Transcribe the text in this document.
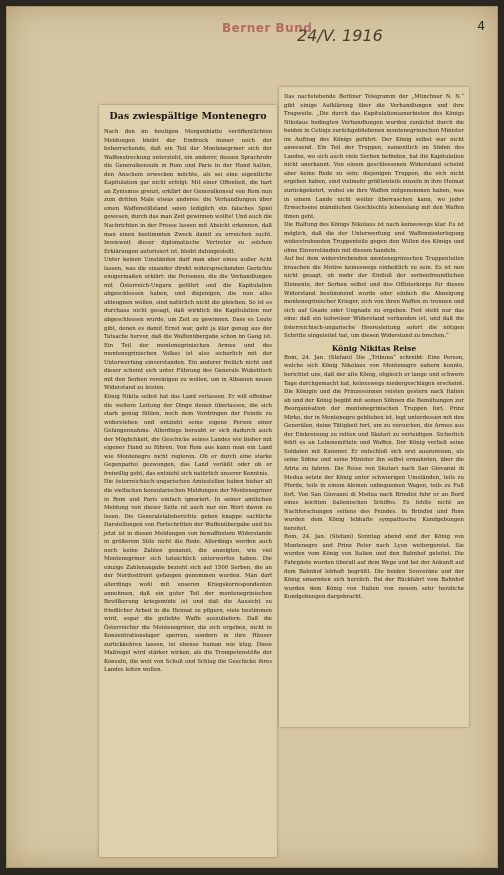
Berner Bund
24/V. 1916	4
Das zwiespältige Montenegro

Nach den im heutigen Morgenblatte veröffentlichten Meldungen bleibt der Eindruck immer noch der beherrschende, daß ein Teil der Montenegriner sich der Waffenstreckung unterzieht, ein anderer, dessen Sprachrohr die Generalkonsuln in Rom und Paris in der Hand halten, den Anschein erwecken möchte, als sei eine eigentliche Kapitulation gar nicht erfolgt. Mit einer Offenheit, die hart an Zynismus grenzt, erklärt der Generalkonsul von Rom nun zum dritten Male etwas anderes: die Verhandlungen über einen Waffenstillstand seien lediglich ein falsches Spiel gewesen, durch das man Zeit gewinnen wollte! Und auch die Nachrichten in der Presse lassen mit Absicht erkennen, daß man einen bestimmten Zweck damit zu erreichen sucht. Inwieweit dieser diplomatische Vertreter zu solchen Erklärungen autorisiert ist, bleibt dahingestellt.

Unter keinen Umständen darf man aber eines außer Acht lassen, was die einander direkt widersprechenden Gerüchte einigermaßen erklärt: die Personen, die die Verhandlungen mit Österreich-Ungarn geführt und die Kapitulation abgeschlossen haben, und diejenigen, die nun alles ableugnen wollen, sind natürlich nicht die gleichen. So ist es durchaus nicht gesagt, daß wirklich die Kapitulation nur abgeschlossen wurde, um Zeit zu gewinnen. Dass es Leute gibt, denen es damit Ernst war, geht ja klar genug aus der Tatsache hervor, daß die Waffenübergabe schon im Gang ist. Ein Teil der montenegrinischen Armee und des montenegrinischen Volkes ist also sicherlich mit der Unterwerfung einverstanden. Ein anderer freilich nicht und dieser scheint sich unter Führung des Generals Wukotitsch mit den Serben vereinigen zu wollen, um in Albanien neuen Widerstand zu leisten.

König Nikita selbst hat das Land verlassen. Er will offenbar die weitere Leitung der Dinge denen überlassen, die sich stark genug fühlen, noch dem Vordringen der Feinde zu widerstehen und entzieht seine eigene Person einer Gefangennahme. Allerdings beraubt er sich dadurch auch der Möglichkeit, die Geschicke seines Landes wie bisher mit eigener Hand zu führen. Von Rom aus kann man ein Land wie Montenegro nicht regieren. Ob er durch eine starke Gegenpartei gezwungen, das Land verläßt oder ob er freiwillig geht, das entzieht sich natürlich unserer Kenntnis.

Die österreichisch-ungarischen Amtsstellen haben bisher all die vielfachen konsularischen Meldungen der Montenegriner in Rom und Paris einfach ignoriert. In seiner amtlichen Meldung von dieser Seite ist auch nur ein Wort davon zu lesen. Die Generalstabsberichte geben knappe sachliche Darstellungen von Fortschritten der Waffenübergabe und bis jetzt ist in diesen Meldungen von bewaffnetem Widerstande in größerem Stile nicht die Rede. Allerdings werden auch noch keine Zahlen genannt, die anzeigten, wie viel Montenegriner sich tatsächlich unterworfen haben. Die einzige Zahlenangabe bezieht sich auf 1500 Serben, die an der Nordostfront gefangen genommen wurden. Man darf allerdings wohl mit unseren Kriegskorrespondenten annehmen, daß ein guter Teil der montenegrinischen Bevölkerung kriegsmüde ist und daß die Aussicht zu friedlicher Arbeit in die Heimat zu pilgern, viele bestimmen wird, sogar die geliebte Waffe auszuliefern. Daß die Österreicher die Montenegriner, die sich ergeben, nicht in Konzentrationslager sperren, sondern in ihre Häuser zurückkehren lassen, ist ebenso human wie klug. Diese Maßregel wird stärker wirken, als die Trompetenstöße der Konsuln, die weit von Schuß und Schlag die Geschicke ihres Landes leiten wollen.

Das nachstehende Berliner Telegramm der „Münchner N. N.“ gibt einige Aufklärung über die Verhandlungen und ihre Tragweite. „Die durch das Kapitulationsanerbieten des Königs Nikolaus bedingten Verhandlungen wurden zunächst durch die beiden in Cetinje zurückgebliebenen montenegrinischen Minister im Auftrag des Königs geführt. Der König selbst war nicht anwesend. Ein Teil der Truppen, namentlich im Süden des Landes, wo sich auch viele Serben befinden, hat die Kapitulation nicht anerkannt. Von einem geschlossenen Widerstand scheint aber keine Rede zu sein; diejenigen Truppen, die sich nicht ergeben haben, sind vielmehr größtenteils einzeln in ihre Heimat zurückgekehrt, wobei sie ihre Waffen mitgenommen haben, was in einem Lande nicht weiter überraschen kann, wo jeder Erwachsene männlichen Geschlechts lebenslang mit den Waffen ihnen geht.

Die Haltung des Königs Nikolaus ist nach keineswegs klar. Es ist möglich, daß die der Unterwerfung und Waffenniederlegung widerstrebenden Truppenteile gegen den Willen des Königs und ohne Einverständnis mit diesem handeln.

Auf bei dem widerstrebenden montenegrinischen Truppenteilen brauchen die Motive keineswegs einheitlich zu sein. Es ist nun nicht gesagt, ob mehr der Einfluß der serbenfreundlichen Elemente, der Serben selbst und des Offizierkorps für diesen Widerstand bestimmend wurde oder einfach die Abneigung montenegrinischer Krieger, sich von ihren Waffen zu trennen und sich auf Gnade oder Ungnade zu ergeben. Fest steht nur das eine: daß ein teilweiser Widerstand vorhanden ist, und daß die österreichisch-ungarische Heeresleitung sofort die nötigen Schritte eingeleitet hat, um diesen Widerstand zu brechen.“

König Nikitas Reise

Rom, 24. Jan. (Stefani) Die „Tribuna“ schreibt: Eine Person, welche sich König Nikolaus von Montenegro nahern konnte, berichtet uns, daß der alte König, obgleich er lange und schwere Tage durchgemacht hat, keineswegs niedergeschlagen erscheint. Die Königin und die Prinzessinnen reisten gestern nach Italien ab und der König begibt mit seinen Söhnen die Bemühungen zur Reorganisation der montenegrinischen Truppen fort. Prinz Mirko, der in Montenegro geblieben ist, legt unterdessen mit den Generälen, deine Tätigkeit fort, um zu versuchen, die Armee aus der Einkreisung zu retten und Skutari zu verteidigen. Sicherlich fehlt es an Lebensmitteln und Waffen. Der König verließ seine Soldaten mit Kummer. Er entschloß sich erst auszureisen, als seine Söhne und seine Minister ihn selbst ermahnten, über die Adria zu fahren. Die Reise von Skutari nach San Giovanni di Medua setzte der König unter schwierigen Umständen, teils zu Pferde, teils in einem kleinen unbequemen Wagen, teils zu Fuß fort. Von San Giovanni di Medua nach Brindisi fuhr er an Bord eines leichten italienischen Schiffes. Es fehlte nicht an Nachforschungen seitens des Feindes. In Brindisi und Rom wurden dem König lebhafte sympathische Kundgebungen bereitet.

Rom, 24. Jan. (Stefani) Sonntag abend sind der König von Montenegro und Prinz Peter nach Lyon weitergereist. Sie wurden vom König von Italien und den Bahnhof geleitet. Die Fahrgäste wurden überall auf dem Wege und bei der Ankunft auf dem Bahnhof lebhaft begrüßt. Die beiden Souveräne und der König umarmten sich herzlich. Bei der Rückfahrt vom Bahnhof wurden dem König von Italien von neuem sehr herzliche Kundgebungen dargebracht.
